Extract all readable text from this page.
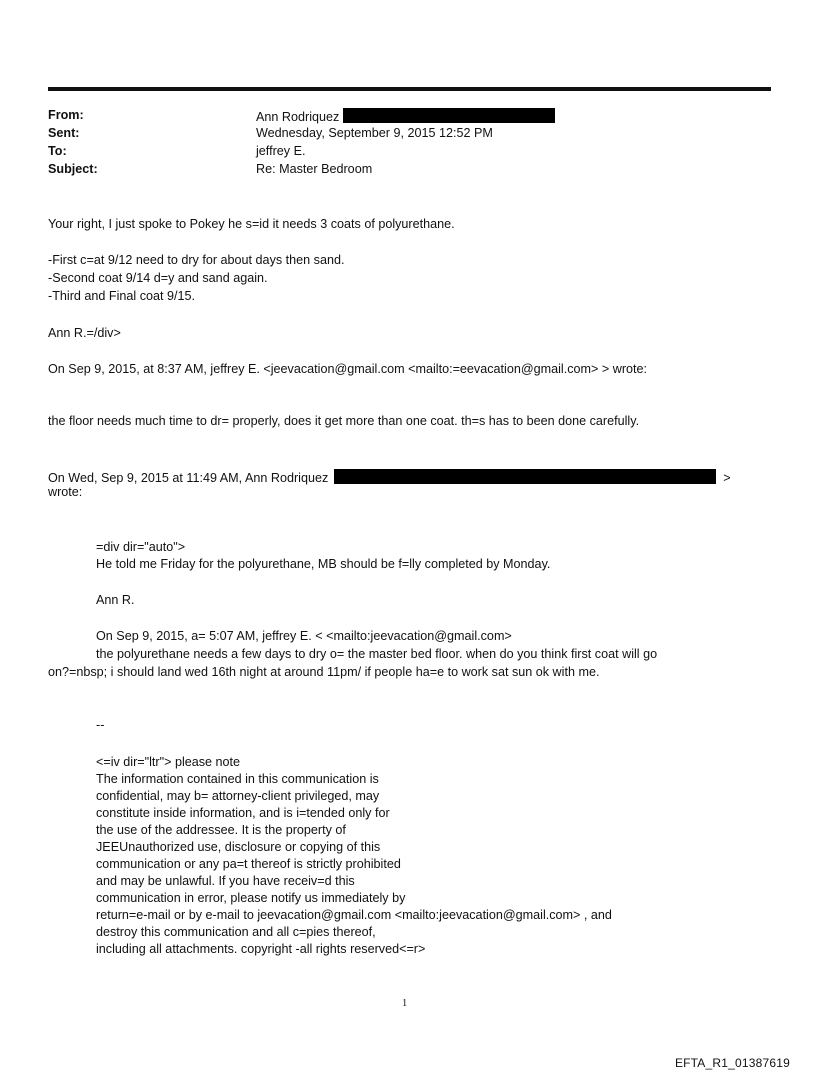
From:	Ann Rodriquez
Sent:	Wednesday, September 9, 2015 12:52 PM
To:	jeffrey E.
Subject:	Re: Master Bedroom
Your right, I just spoke to Pokey he s=id it needs 3 coats of polyurethane.
-First c=at 9/12 need to dry for about days then sand.
-Second coat 9/14 d=y and sand again.
-Third and Final coat 9/15.
Ann R.=/div>
On Sep 9, 2015, at 8:37 AM, jeffrey E. <jeevacation@gmail.com <mailto:=eevacation@gmail.com> > wrote:
the floor needs much time to dr= properly, does it get more than one coat. th=s has to been done carefully.
On Wed, Sep 9, 2015 at 11:49 AM, Ann Rodriquez	>
wrote:
=div dir="auto">
He told me Friday for the polyurethane, MB should be f=lly completed by Monday.
Ann R.
On Sep 9, 2015, a= 5:07 AM, jeffrey E. < <mailto:jeevacation@gmail.com>
the polyurethane needs a few days to dry o= the master bed floor. when do you think first coat will go
on?=nbsp; i should land wed 16th night at around 11pm/ if people ha=e to work sat sun ok with me.
--
<=iv dir="ltr"> please note
The information contained in this communication is
confidential, may b= attorney-client privileged, may
constitute inside information, and is i=tended only for
the use of the addressee. It is the property of
JEEUnauthorized use, disclosure or copying of this
communication or any pa=t thereof is strictly prohibited
and may be unlawful. If you have receiv=d this
communication in error, please notify us immediately by
return=e-mail or by e-mail to jeevacation@gmail.com <mailto:jeevacation@gmail.com> , and
destroy this communication and all c=pies thereof,
including all attachments. copyright -all rights reserved<=r>
1
EFTA_R1_01387619
